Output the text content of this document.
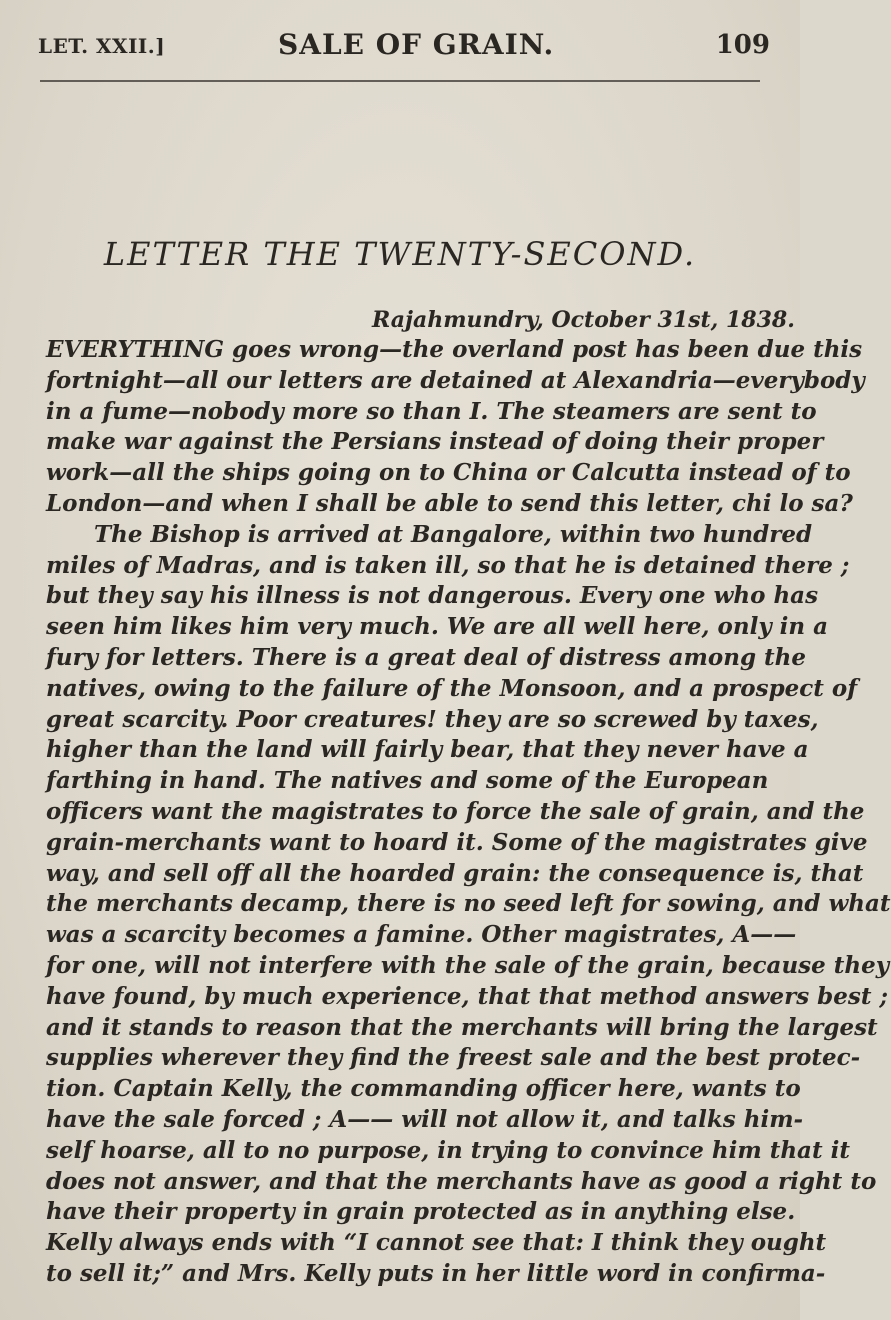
LET. XXII.]	SALE OF GRAIN.	109
LETTER THE TWENTY-SECOND.
Rajahmundry, October 31st, 1838.
EVERYTHING goes wrong—the overland post has been due this
fortnight—all our letters are detained at Alexandria—everybody
in a fume—nobody more so than I. The steamers are sent to
make war against the Persians instead of doing their proper
work—all the ships going on to China or Calcutta instead of to
London—and when I shall be able to send this letter, chi lo sa?
The Bishop is arrived at Bangalore, within two hundred
miles of Madras, and is taken ill, so that he is detained there ;
but they say his illness is not dangerous. Every one who has
seen him likes him very much. We are all well here, only in a
fury for letters. There is a great deal of distress among the
natives, owing to the failure of the Monsoon, and a prospect of
great scarcity. Poor creatures! they are so screwed by taxes,
higher than the land will fairly bear, that they never have a
farthing in hand. The natives and some of the European
officers want the magistrates to force the sale of grain, and the
grain-merchants want to hoard it. Some of the magistrates give
way, and sell off all the hoarded grain: the consequence is, that
the merchants decamp, there is no seed left for sowing, and what
was a scarcity becomes a famine. Other magistrates, A——
for one, will not interfere with the sale of the grain, because they
have found, by much experience, that that method answers best ;
and it stands to reason that the merchants will bring the largest
supplies wherever they find the freest sale and the best protec-
tion. Captain Kelly, the commanding officer here, wants to
have the sale forced ; A—— will not allow it, and talks him-
self hoarse, all to no purpose, in trying to convince him that it
does not answer, and that the merchants have as good a right to
have their property in grain protected as in anything else.
Kelly always ends with “I cannot see that: I think they ought
to sell it;” and Mrs. Kelly puts in her little word in confirma-
